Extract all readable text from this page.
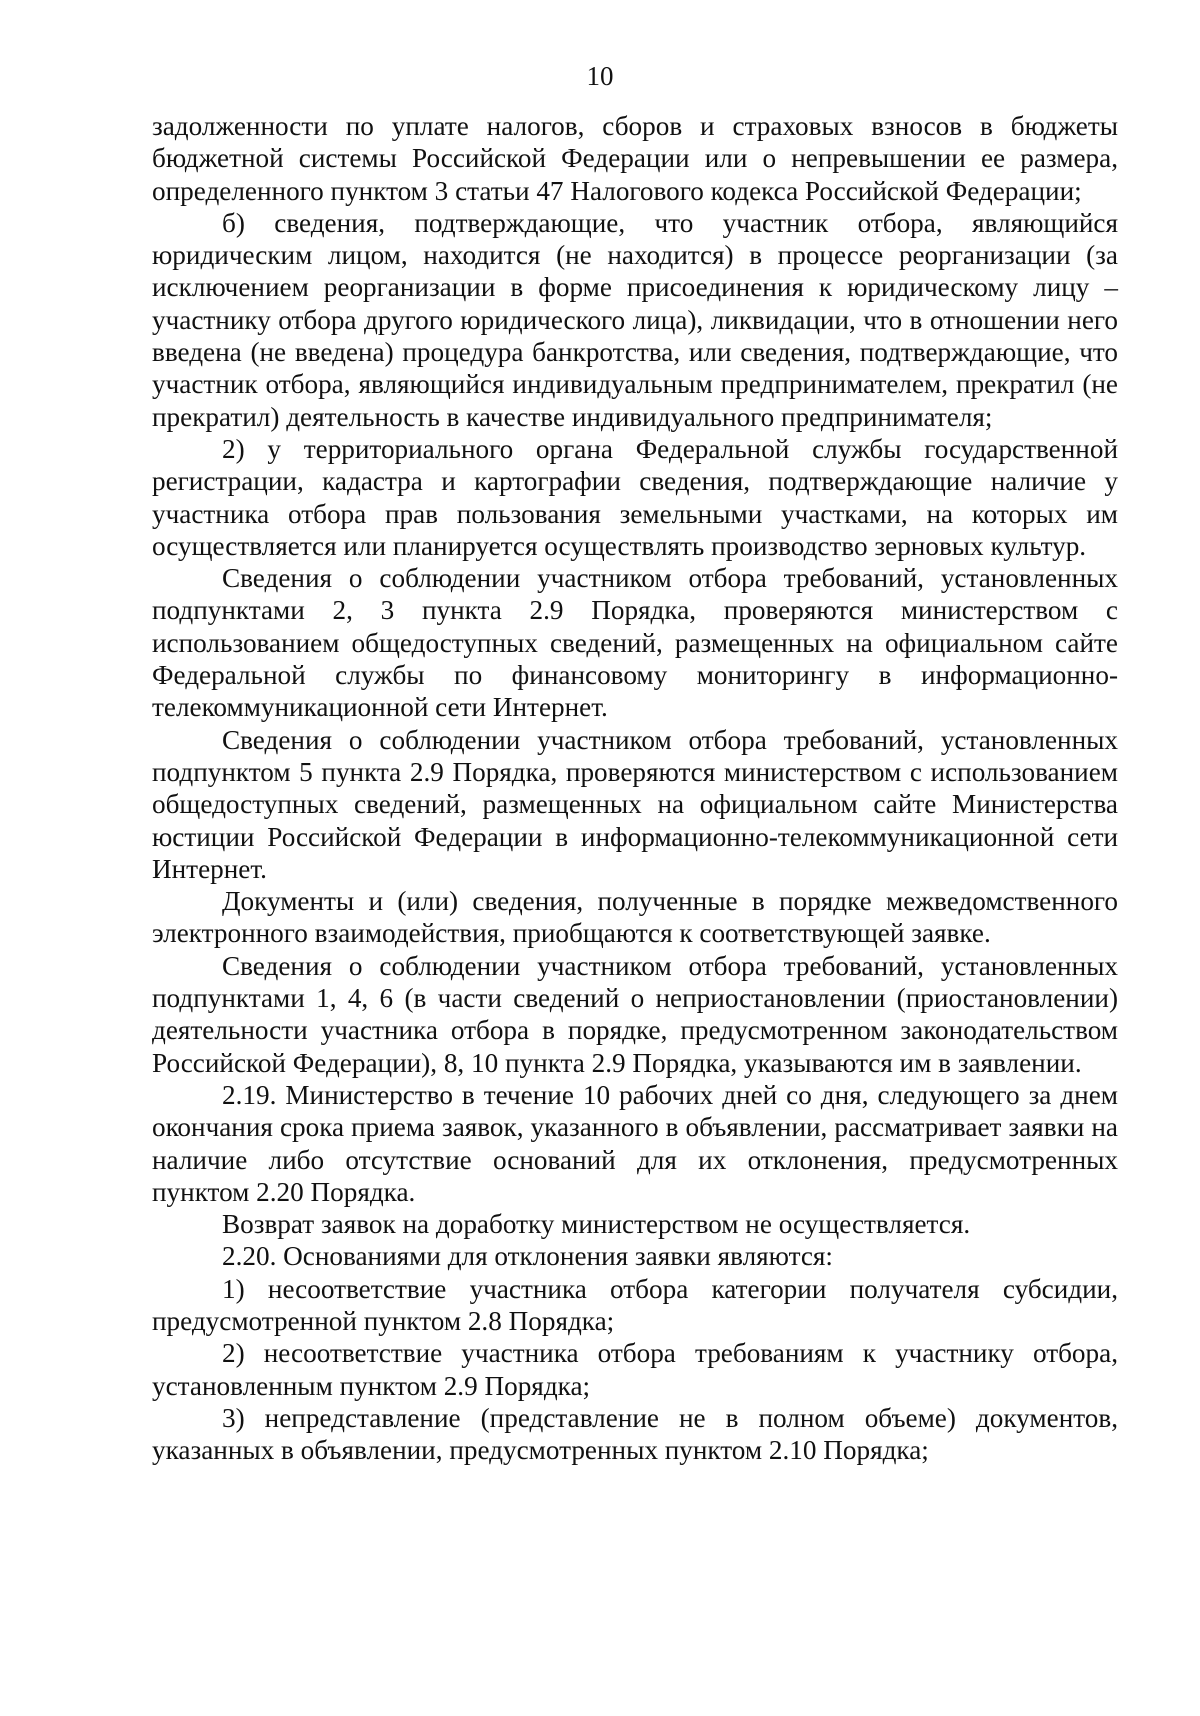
10

задолженности по уплате налогов, сборов и страховых взносов в бюджеты бюджетной системы Российской Федерации или о непревышении ее размера, определенного пунктом 3 статьи 47 Налогового кодекса Российской Федерации;

б) сведения, подтверждающие, что участник отбора, являющийся юридическим лицом, находится (не находится) в процессе реорганизации (за исключением реорганизации в форме присоединения к юридическому лицу – участнику отбора другого юридического лица), ликвидации, что в отношении него введена (не введена) процедура банкротства, или сведения, подтверждающие, что участник отбора, являющийся индивидуальным предпринимателем, прекратил (не прекратил) деятельность в качестве индивидуального предпринимателя;

2) у территориального органа Федеральной службы государственной регистрации, кадастра и картографии сведения, подтверждающие наличие у участника отбора прав пользования земельными участками, на которых им осуществляется или планируется осуществлять производство зерновых культур.

Сведения о соблюдении участником отбора требований, установленных подпунктами 2, 3 пункта 2.9 Порядка, проверяются министерством с использованием общедоступных сведений, размещенных на официальном сайте Федеральной службы по финансовому мониторингу в информационно-телекоммуникационной сети Интернет.

Сведения о соблюдении участником отбора требований, установленных подпунктом 5 пункта 2.9 Порядка, проверяются министерством с использованием общедоступных сведений, размещенных на официальном сайте Министерства юстиции Российской Федерации в информационно-телекоммуникационной сети Интернет.

Документы и (или) сведения, полученные в порядке межведомственного электронного взаимодействия, приобщаются к соответствующей заявке.

Сведения о соблюдении участником отбора требований, установленных подпунктами 1, 4, 6 (в части сведений о неприостановлении (приостановлении) деятельности участника отбора в порядке, предусмотренном законодательством Российской Федерации), 8, 10 пункта 2.9 Порядка, указываются им в заявлении.

2.19. Министерство в течение 10 рабочих дней со дня, следующего за днем окончания срока приема заявок, указанного в объявлении, рассматривает заявки на наличие либо отсутствие оснований для их отклонения, предусмотренных пунктом 2.20 Порядка.

Возврат заявок на доработку министерством не осуществляется.

2.20. Основаниями для отклонения заявки являются:

1) несоответствие участника отбора категории получателя субсидии, предусмотренной пунктом 2.8 Порядка;

2) несоответствие участника отбора требованиям к участнику отбора, установленным пунктом 2.9 Порядка;

3) непредставление (представление не в полном объеме) документов, указанных в объявлении, предусмотренных пунктом 2.10 Порядка;
